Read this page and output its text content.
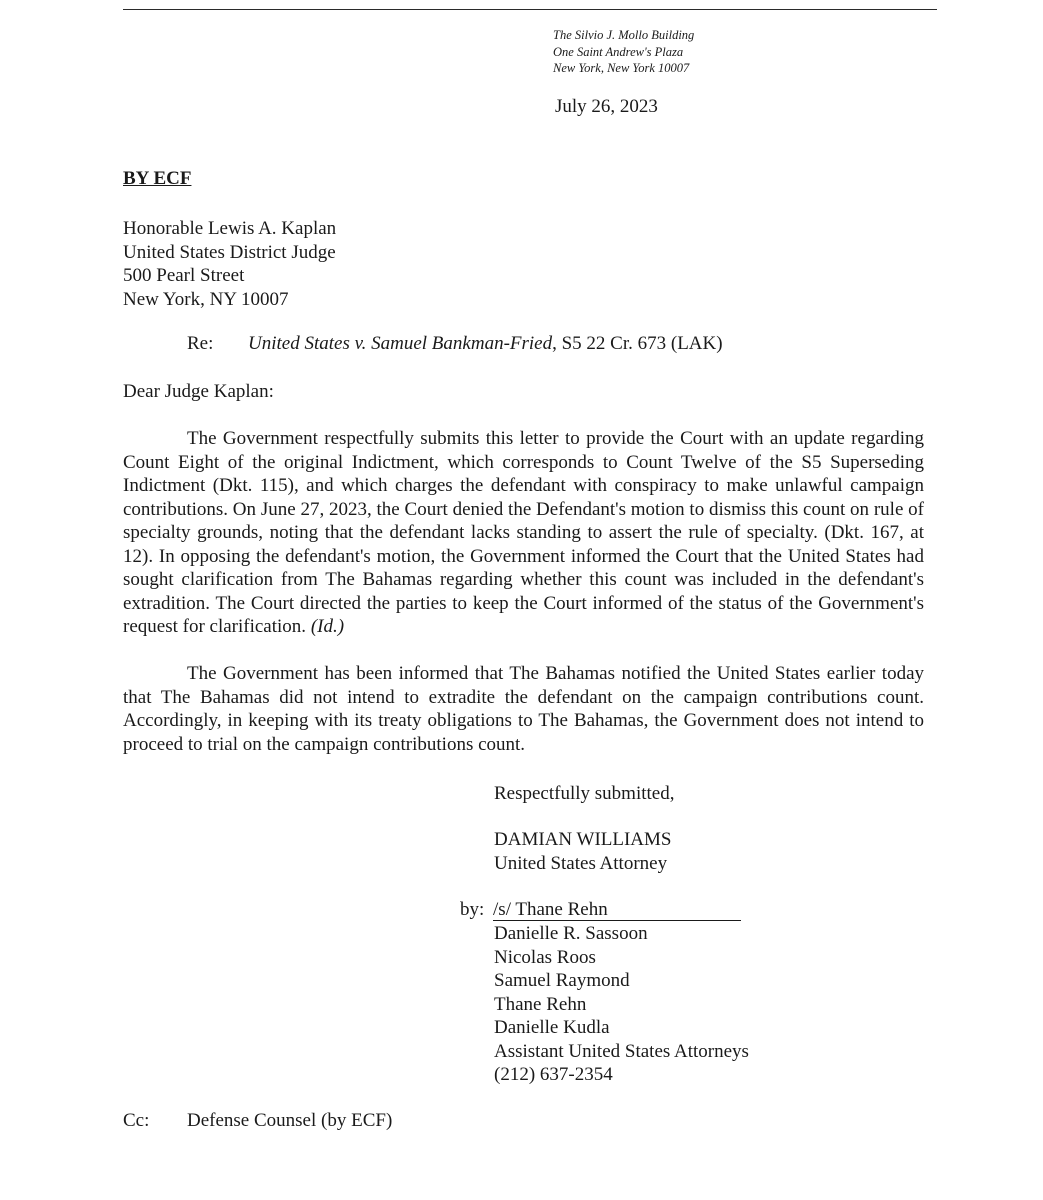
The Silvio J. Mollo Building
One Saint Andrew's Plaza
New York, New York 10007
July 26, 2023
BY ECF
Honorable Lewis A. Kaplan
United States District Judge
500 Pearl Street
New York, NY 10007
Re: United States v. Samuel Bankman-Fried, S5 22 Cr. 673 (LAK)
Dear Judge Kaplan:
The Government respectfully submits this letter to provide the Court with an update regarding Count Eight of the original Indictment, which corresponds to Count Twelve of the S5 Superseding Indictment (Dkt. 115), and which charges the defendant with conspiracy to make unlawful campaign contributions. On June 27, 2023, the Court denied the Defendant's motion to dismiss this count on rule of specialty grounds, noting that the defendant lacks standing to assert the rule of specialty. (Dkt. 167, at 12). In opposing the defendant's motion, the Government informed the Court that the United States had sought clarification from The Bahamas regarding whether this count was included in the defendant's extradition. The Court directed the parties to keep the Court informed of the status of the Government's request for clarification. (Id.)
The Government has been informed that The Bahamas notified the United States earlier today that The Bahamas did not intend to extradite the defendant on the campaign contributions count. Accordingly, in keeping with its treaty obligations to The Bahamas, the Government does not intend to proceed to trial on the campaign contributions count.
Respectfully submitted,
DAMIAN WILLIAMS
United States Attorney
by: /s/ Thane Rehn
Danielle R. Sassoon
Nicolas Roos
Samuel Raymond
Thane Rehn
Danielle Kudla
Assistant United States Attorneys
(212) 637-2354
Cc: Defense Counsel (by ECF)
